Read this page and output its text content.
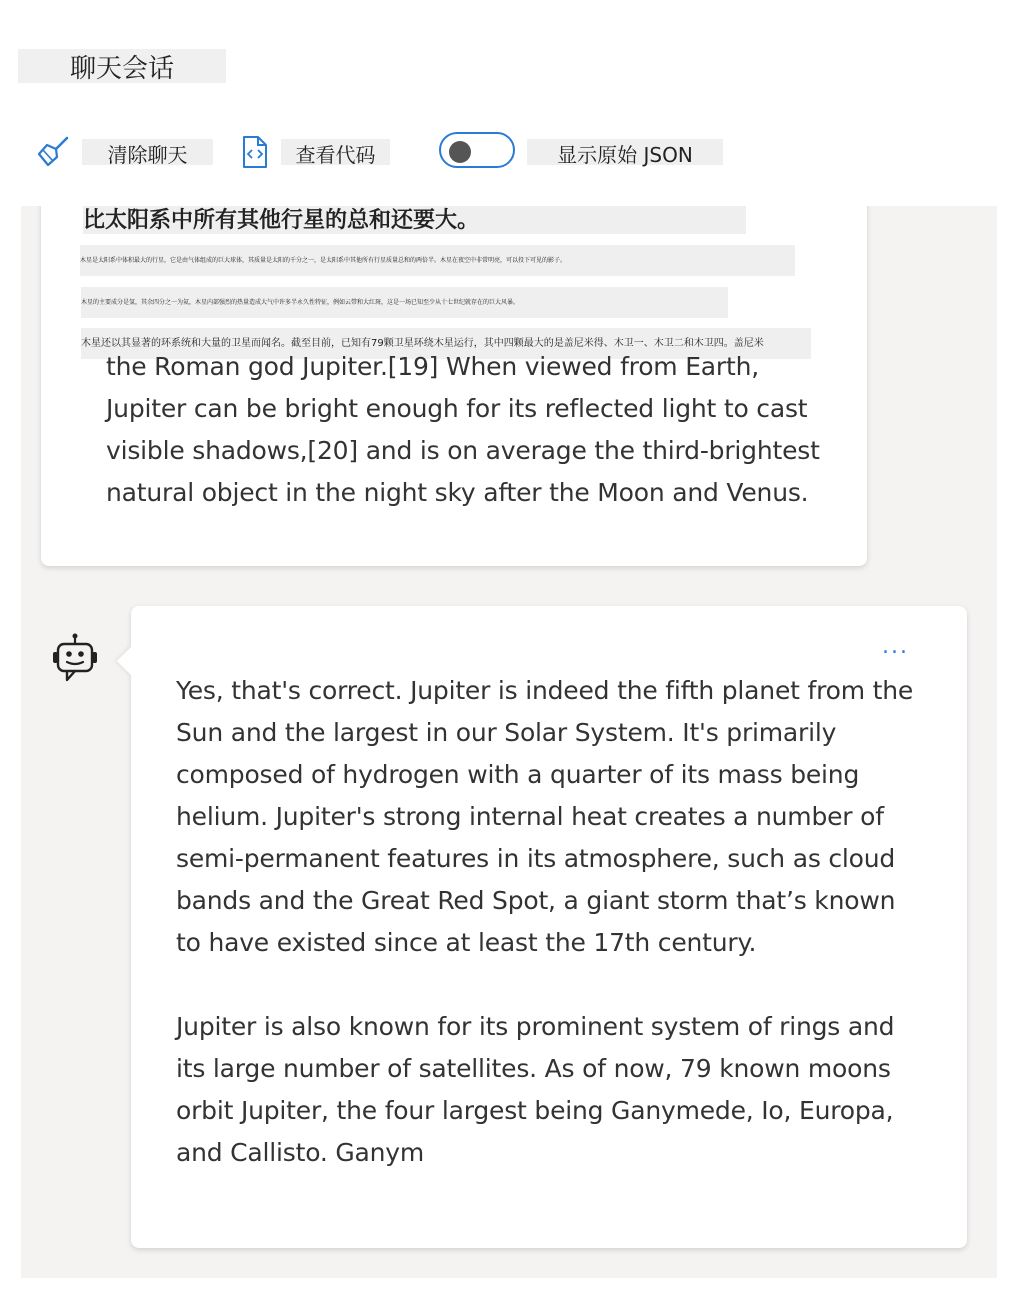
聊天会话
清除聊天	查看代码	显示原始 JSON
比太阳系中所有其他行星的总和还要大。
木星是太阳系中体积最大的行星，它是由气体组成的巨大球体，其质量是太阳的千分之一，是太阳系中其他所有行星质量总和的两倍半。木星在夜空中非常明亮，可以投下可见的影子。
木星的主要成分是氢，其余四分之一为氦，木星内部强烈的热量造成大气中许多半永久性特征，例如云带和大红斑，这是一场已知至少从十七世纪就存在的巨大风暴。
木星还以其显著的环系统和大量的卫星而闻名。截至目前，已知有79颗卫星环绕木星运行，其中四颗最大的是盖尼米得、木卫一、木卫二和木卫四。盖尼米

the Roman god Jupiter.[19] When viewed from Earth,

Jupiter can be bright enough for its reflected light to cast

visible shadows,[20] and is on average the third-brightest

natural object in the night sky after the Moon and Venus.

...
Yes, that's correct. Jupiter is indeed the fifth planet from the
Sun and the largest in our Solar System. It's primarily
composed of hydrogen with a quarter of its mass being
helium. Jupiter's strong internal heat creates a number of
semi-permanent features in its atmosphere, such as cloud
bands and the Great Red Spot, a giant storm that’s known
to have existed since at least the 17th century.
Jupiter is also known for its prominent system of rings and
its large number of satellites. As of now, 79 known moons
orbit Jupiter, the four largest being Ganymede, Io, Europa,
and Callisto. Ganym
